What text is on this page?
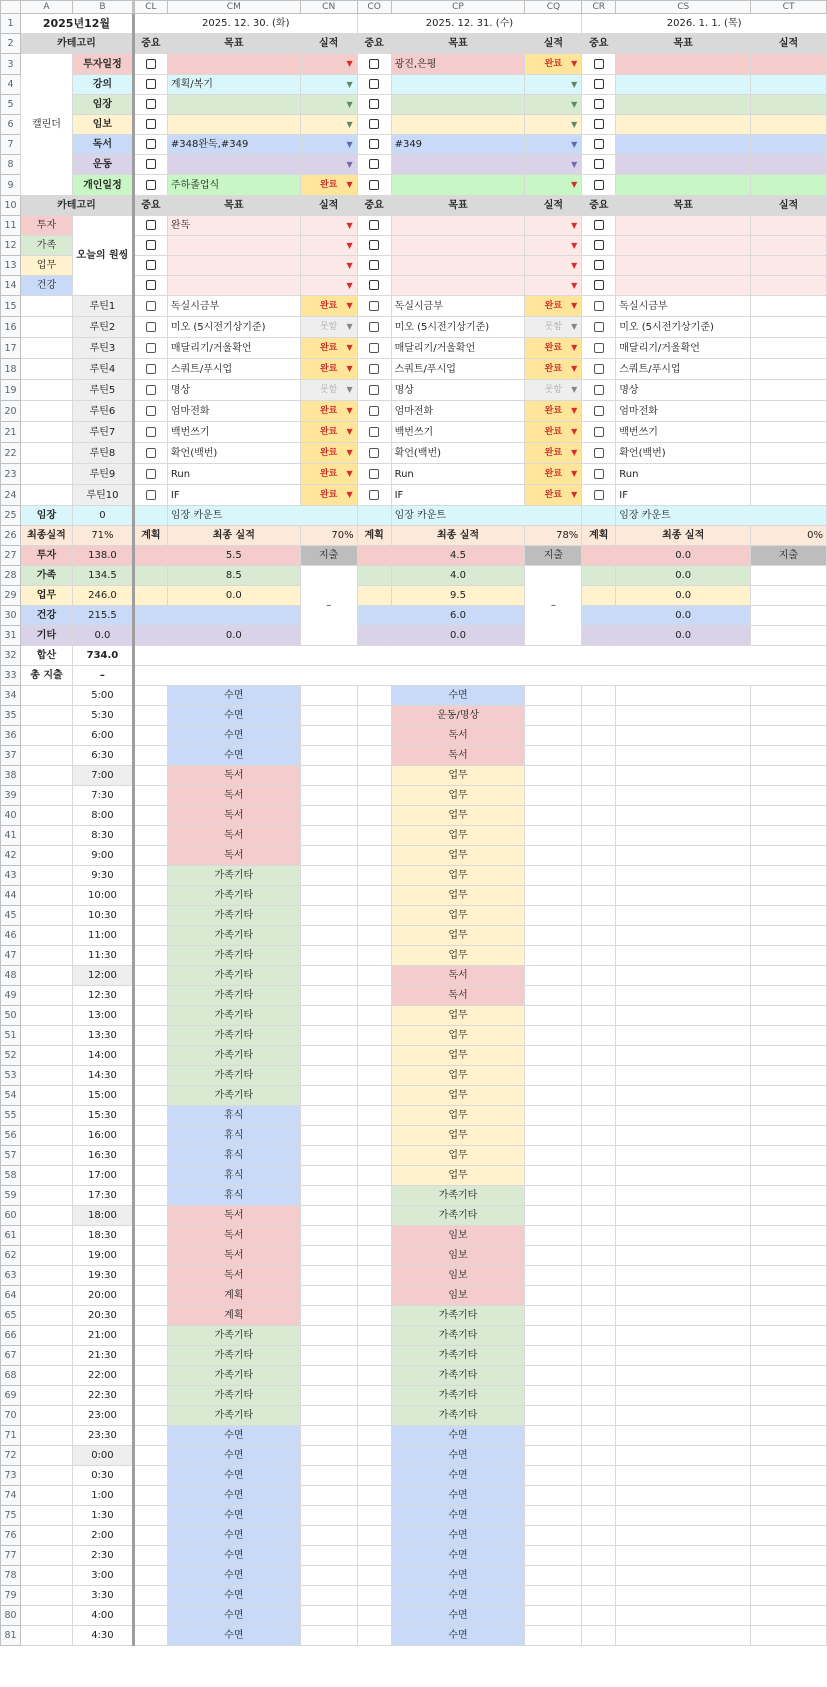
	A	B	CL	CM	CN	CO	CP	CQ	CR	CS	CT
1	2025년12월		2025. 12. 30. (화)			2025. 12. 31. (수)			2026. 1. 1. (목)		
2	카테고리		중요	목표	실적	중요	목표	실적	중요	목표	실적
3	캘린더	투자일정			▼		광진,은평	완료 ▼			

4		강의		계획/복기	▼			▼			

5		임장			▼			▼			

6		임보			▼			▼			

7		독서		#348완독,#349	▼		#349	▼			

8		운동			▼			▼			

9		개인일정		주하졸업식	완료 ▼			▼			

10	카테고리		중요	목표	실적	중요	목표	실적	중요	목표	실적
11	투자	오늘의 원씽		완독	▼			▼			

12	가족				▼			▼			

13	업무				▼			▼			

14	건강				▼			▼			

15		루틴1		독실시금부	완료 ▼		독실시금부	완료 ▼		독실시금부	
16		루틴2		미오 (5시전기상기준)	못함 ▼		미오 (5시전기상기준)	못함 ▼		미오 (5시전기상기준)	
17		루틴3		매달리기/거울확언	완료 ▼		매달리기/거울확언	완료 ▼		매달리기/거울확언	
18		루틴4		스쿼트/푸시업	완료 ▼		스쿼트/푸시업	완료 ▼		스쿼트/푸시업	
19		루틴5		명상	못함 ▼		명상	못함 ▼		명상	
20		루틴6		엄마전화	완료 ▼		엄마전화	완료 ▼		엄마전화	
21		루틴7		백번쓰기	완료 ▼		백번쓰기	완료 ▼		백번쓰기	
22		루틴8		확언(백번)	완료 ▼		확언(백번)	완료 ▼		확언(백번)	
23		루틴9		Run	완료 ▼		Run	완료 ▼		Run	
24		루틴10		IF	완료 ▼		IF	완료 ▼		IF	
25	임장	0		임장 카운트			임장 카운트			임장 카운트	
26	최종실적	71%	계획	최종 실적	70%	계획	최종 실적	78%	계획	최종 실적	0%
27	투자	138.0		5.5	지출		4.5	지출		0.0	지출
28	가족	134.5		8.5	–		4.0	–		0.0	
29	업무	246.0		0.0			9.5			0.0	
30	건강	215.5					6.0			0.0	
31	기타	0.0		0.0			0.0			0.0	
32	합산	734.0									
33	총 지출	–									
34		5:00		수면			수면				
35		5:30		수면			운동/명상				
36		6:00		수면			독서				
37		6:30		수면			독서				
38		7:00		독서			업무				
39		7:30		독서			업무				
40		8:00		독서			업무				
41		8:30		독서			업무				
42		9:00		독서			업무				
43		9:30		가족기타			업무				
44		10:00		가족기타			업무				
45		10:30		가족기타			업무				
46		11:00		가족기타			업무				
47		11:30		가족기타			업무				
48		12:00		가족기타			독서				
49		12:30		가족기타			독서				
50		13:00		가족기타			업무				
51		13:30		가족기타			업무				
52		14:00		가족기타			업무				
53		14:30		가족기타			업무				
54		15:00		가족기타			업무				
55		15:30		휴식			업무				
56		16:00		휴식			업무				
57		16:30		휴식			업무				
58		17:00		휴식			업무				
59		17:30		휴식			가족기타				
60		18:00		독서			가족기타				
61		18:30		독서			임보				
62		19:00		독서			임보				
63		19:30		독서			임보				
64		20:00		계획			임보				
65		20:30		계획			가족기타				
66		21:00		가족기타			가족기타				
67		21:30		가족기타			가족기타				
68		22:00		가족기타			가족기타				
69		22:30		가족기타			가족기타				
70		23:00		가족기타			가족기타				
71		23:30		수면			수면				
72		0:00		수면			수면				
73		0:30		수면			수면				
74		1:00		수면			수면				
75		1:30		수면			수면				
76		2:00		수면			수면				
77		2:30		수면			수면				
78		3:00		수면			수면				
79		3:30		수면			수면				
80		4:00		수면			수면				
81		4:30		수면			수면				
